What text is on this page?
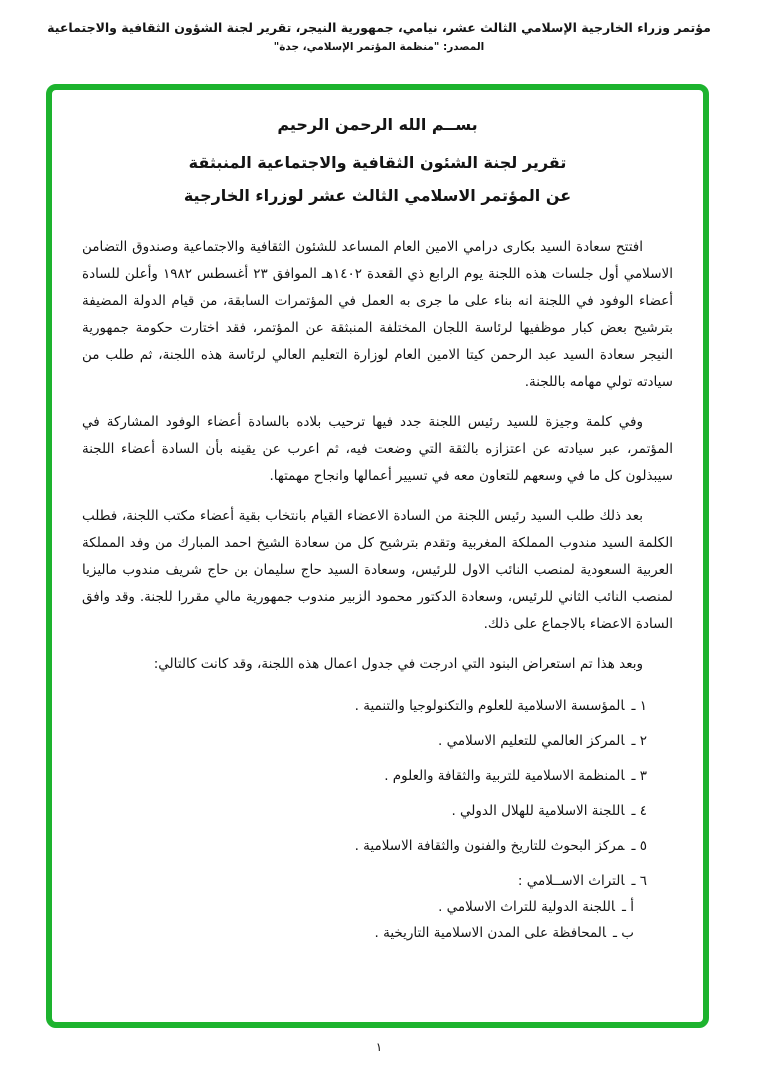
مؤتمر وزراء الخارجية الإسلامي الثالث عشر، نيامي، جمهورية النيجر، تقرير لجنة الشؤون الثقافية والاجتماعية
المصدر: "منظمة المؤتمر الإسلامي، جدة"
بســم الله الرحمن الرحيم
تقرير لجنة الشئون الثقافية والاجتماعية المنبثقة
عن المؤتمر الاسلامي الثالث عشر لوزراء الخارجية

افتتح سعادة السيد بكارى درامي الامين العام المساعد للشئون الثقافية والاجتماعية وصندوق التضامن الاسلامي أول جلسات هذه اللجنة يوم الرابع ذي القعدة ١٤٠٢هـ الموافق ٢٣ أغسطس ١٩٨٢ وأعلن للسادة أعضاء الوفود في اللجنة انه بناء على ما جرى به العمل في المؤتمرات السابقة، من قيام الدولة المضيفة بترشيح بعض كبار موظفيها لرئاسة اللجان المختلفة المنبثقة عن المؤتمر، فقد اختارت حكومة جمهورية النيجر سعادة السيد عبد الرحمن كيتا الامين العام لوزارة التعليم العالي لرئاسة هذه اللجنة، ثم طلب من سيادته تولي مهامه باللجنة.

وفي كلمة وجيزة للسيد رئيس اللجنة جدد فيها ترحيب بلاده بالسادة أعضاء الوفود المشاركة في المؤتمر، عبر سيادته عن اعتزازه بالثقة التي وضعت فيه، ثم اعرب عن يقينه بأن السادة أعضاء اللجنة سيبذلون كل ما في وسعهم للتعاون معه في تسيير أعمالها وانجاح مهمتها.

بعد ذلك طلب السيد رئيس اللجنة من السادة الاعضاء القيام بانتخاب بقية أعضاء مكتب اللجنة، فطلب الكلمة السيد مندوب المملكة المغربية وتقدم بترشيح كل من سعادة الشيخ احمد المبارك من وفد المملكة العربية السعودية لمنصب النائب الاول للرئيس، وسعادة السيد حاج سليمان بن حاج شريف مندوب ماليزيا لمنصب النائب الثاني للرئيس، وسعادة الدكتور محمود الزبير مندوب جمهورية مالي مقررا للجنة. وقد وافق السادة الاعضاء بالاجماع على ذلك.

وبعد هذا تم استعراض البنود التي ادرجت في جدول اعمال هذه اللجنة، وقد كانت كالتالي:

١ ـالمؤسسة الاسلامية للعلوم والتكنولوجيا والتنمية .
٢ ـالمركز العالمي للتعليم الاسلامي .
٣ ـالمنظمة الاسلامية للتربية والثقافة والعلوم .
٤ ـاللجنة الاسلامية للهلال الدولي .
٥ ـمركز البحوث للتاريخ والفنون والثقافة الاسلامية .
٦ ـالتراث الاســلامي :
أ ـاللجنة الدولية للتراث الاسلامي .
ب ـالمحافظة على المدن الاسلامية التاريخية .
١
